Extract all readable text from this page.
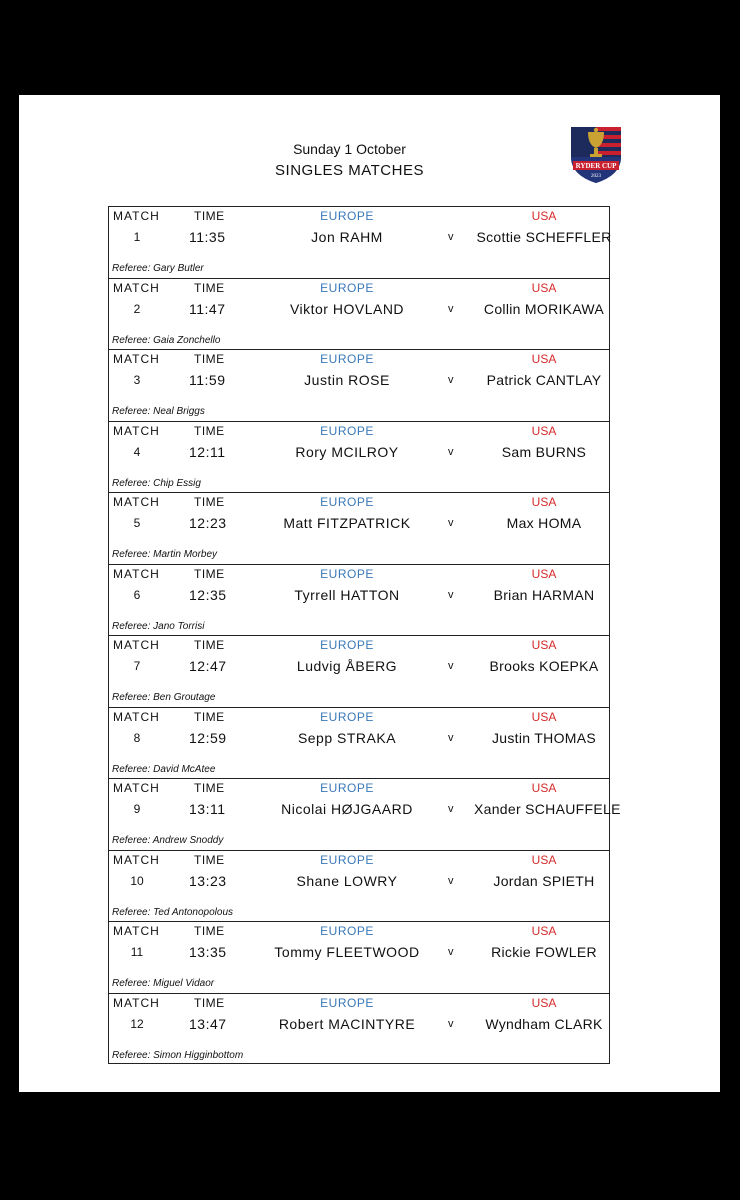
Sunday 1 October
SINGLES MATCHES	RYDER CUP
2023
MATCH	TIME	EUROPE	USA
1	11:35	Jon RAHM	v Scottie SCHEFFLER
Referee: Gary Butler
MATCH	TIME	EUROPE	USA
2	11:47	Viktor HOVLAND	v	Collin MORIKAWA
Referee: Gaia Zonchello
MATCH	TIME	EUROPE	USA
3	11:59	Justin ROSE	v	Patrick CANTLAY
Referee: Neal Briggs
MATCH	TIME	EUROPE	USA
4	12:11	Rory MCILROY	v	Sam BURNS
Referee: Chip Essig
MATCH	TIME	EUROPE	USA
5	12:23	Matt FITZPATRICK	v	Max HOMA
Referee: Martin Morbey
MATCH	TIME	EUROPE	USA
6	12:35	Tyrrell HATTON	v	Brian HARMAN
Referee: Jano Torrisi
MATCH	TIME	EUROPE	USA
7	12:47	Ludvig ÅBERG	v	Brooks KOEPKA
Referee: Ben Groutage
MATCH	TIME	EUROPE	USA
8	12:59	Sepp STRAKA	v	Justin THOMAS
Referee: David McAtee
MATCH	TIME	EUROPE	USA
9	13:11	Nicolai HØJGAARD	v Xander SCHAUFFELE
Referee: Andrew Snoddy
MATCH	TIME	EUROPE	USA
10	13:23	Shane LOWRY	v	Jordan SPIETH
Referee: Ted Antonopolous
MATCH	TIME	EUROPE	USA
11	13:35	Tommy FLEETWOOD	v	Rickie FOWLER
Referee: Miguel Vidaor
MATCH	TIME	EUROPE	USA
12	13:47	Robert MACINTYRE	v	Wyndham CLARK
Referee: Simon Higginbottom
